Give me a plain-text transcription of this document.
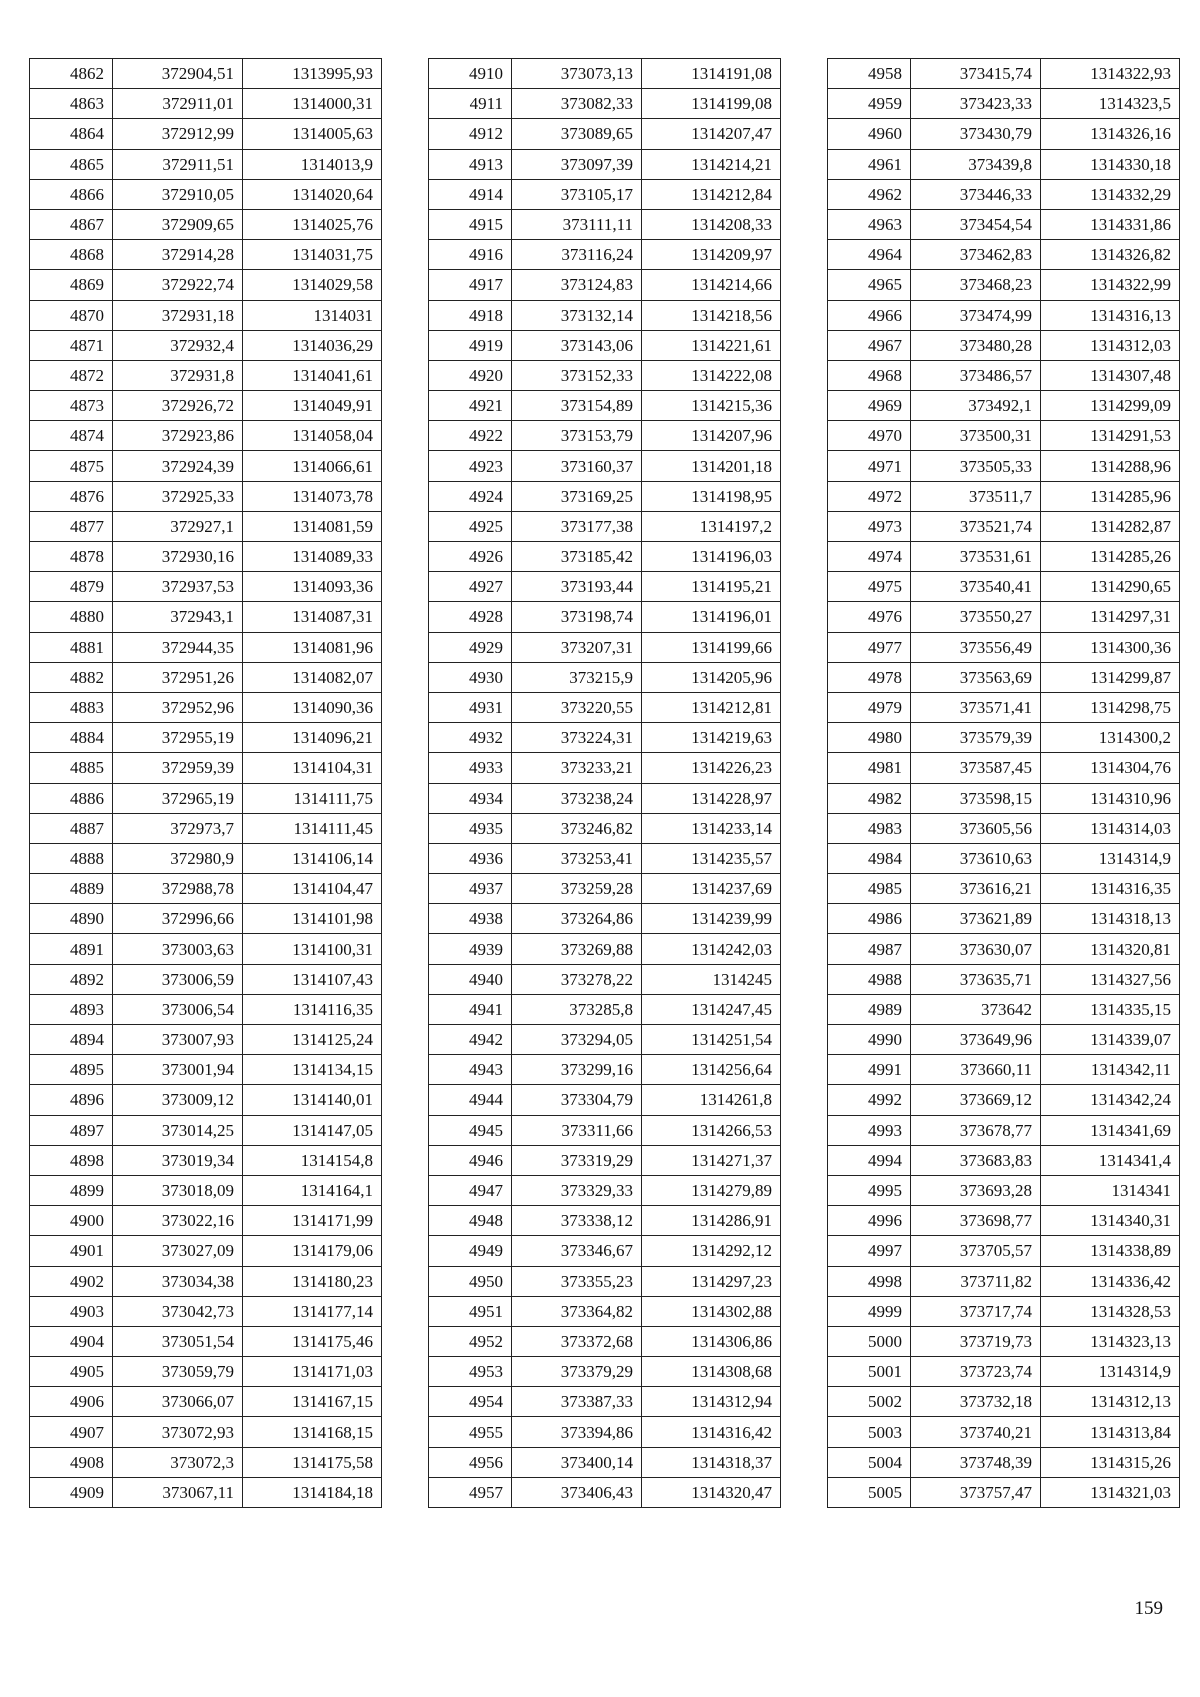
4862	372904,51	1313995,93
4863	372911,01	1314000,31
4864	372912,99	1314005,63
4865	372911,51	1314013,9
4866	372910,05	1314020,64
4867	372909,65	1314025,76
4868	372914,28	1314031,75
4869	372922,74	1314029,58
4870	372931,18	1314031
4871	372932,4	1314036,29
4872	372931,8	1314041,61
4873	372926,72	1314049,91
4874	372923,86	1314058,04
4875	372924,39	1314066,61
4876	372925,33	1314073,78
4877	372927,1	1314081,59
4878	372930,16	1314089,33
4879	372937,53	1314093,36
4880	372943,1	1314087,31
4881	372944,35	1314081,96
4882	372951,26	1314082,07
4883	372952,96	1314090,36
4884	372955,19	1314096,21
4885	372959,39	1314104,31
4886	372965,19	1314111,75
4887	372973,7	1314111,45
4888	372980,9	1314106,14
4889	372988,78	1314104,47
4890	372996,66	1314101,98
4891	373003,63	1314100,31
4892	373006,59	1314107,43
4893	373006,54	1314116,35
4894	373007,93	1314125,24
4895	373001,94	1314134,15
4896	373009,12	1314140,01
4897	373014,25	1314147,05
4898	373019,34	1314154,8
4899	373018,09	1314164,1
4900	373022,16	1314171,99
4901	373027,09	1314179,06
4902	373034,38	1314180,23
4903	373042,73	1314177,14
4904	373051,54	1314175,46
4905	373059,79	1314171,03
4906	373066,07	1314167,15
4907	373072,93	1314168,15
4908	373072,3	1314175,58
4909	373067,11	1314184,18
4910	373073,13	1314191,08
4911	373082,33	1314199,08
4912	373089,65	1314207,47
4913	373097,39	1314214,21
4914	373105,17	1314212,84
4915	373111,11	1314208,33
4916	373116,24	1314209,97
4917	373124,83	1314214,66
4918	373132,14	1314218,56
4919	373143,06	1314221,61
4920	373152,33	1314222,08
4921	373154,89	1314215,36
4922	373153,79	1314207,96
4923	373160,37	1314201,18
4924	373169,25	1314198,95
4925	373177,38	1314197,2
4926	373185,42	1314196,03
4927	373193,44	1314195,21
4928	373198,74	1314196,01
4929	373207,31	1314199,66
4930	373215,9	1314205,96
4931	373220,55	1314212,81
4932	373224,31	1314219,63
4933	373233,21	1314226,23
4934	373238,24	1314228,97
4935	373246,82	1314233,14
4936	373253,41	1314235,57
4937	373259,28	1314237,69
4938	373264,86	1314239,99
4939	373269,88	1314242,03
4940	373278,22	1314245
4941	373285,8	1314247,45
4942	373294,05	1314251,54
4943	373299,16	1314256,64
4944	373304,79	1314261,8
4945	373311,66	1314266,53
4946	373319,29	1314271,37
4947	373329,33	1314279,89
4948	373338,12	1314286,91
4949	373346,67	1314292,12
4950	373355,23	1314297,23
4951	373364,82	1314302,88
4952	373372,68	1314306,86
4953	373379,29	1314308,68
4954	373387,33	1314312,94
4955	373394,86	1314316,42
4956	373400,14	1314318,37
4957	373406,43	1314320,47
4958	373415,74	1314322,93
4959	373423,33	1314323,5
4960	373430,79	1314326,16
4961	373439,8	1314330,18
4962	373446,33	1314332,29
4963	373454,54	1314331,86
4964	373462,83	1314326,82
4965	373468,23	1314322,99
4966	373474,99	1314316,13
4967	373480,28	1314312,03
4968	373486,57	1314307,48
4969	373492,1	1314299,09
4970	373500,31	1314291,53
4971	373505,33	1314288,96
4972	373511,7	1314285,96
4973	373521,74	1314282,87
4974	373531,61	1314285,26
4975	373540,41	1314290,65
4976	373550,27	1314297,31
4977	373556,49	1314300,36
4978	373563,69	1314299,87
4979	373571,41	1314298,75
4980	373579,39	1314300,2
4981	373587,45	1314304,76
4982	373598,15	1314310,96
4983	373605,56	1314314,03
4984	373610,63	1314314,9
4985	373616,21	1314316,35
4986	373621,89	1314318,13
4987	373630,07	1314320,81
4988	373635,71	1314327,56
4989	373642	1314335,15
4990	373649,96	1314339,07
4991	373660,11	1314342,11
4992	373669,12	1314342,24
4993	373678,77	1314341,69
4994	373683,83	1314341,4
4995	373693,28	1314341
4996	373698,77	1314340,31
4997	373705,57	1314338,89
4998	373711,82	1314336,42
4999	373717,74	1314328,53
5000	373719,73	1314323,13
5001	373723,74	1314314,9
5002	373732,18	1314312,13
5003	373740,21	1314313,84
5004	373748,39	1314315,26
5005	373757,47	1314321,03
159
